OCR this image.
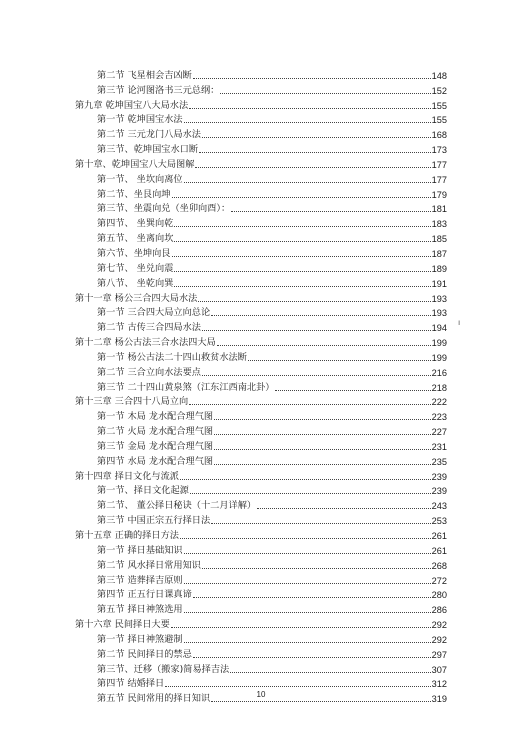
第二节 飞星相会吉凶断	148
第三节 论河图洛书三元总纲：	152
第九章 乾坤国宝八大局水法	155
第一节 乾坤国宝水法	155
第二节 三元龙门八局水法	168
第三节、乾坤国宝水口断	173
第十章、乾坤国宝八大局图解	177
第一节、 坐坎向离位	177
第二节、坐艮向坤	179
第三节、坐震向兑（坐卯向酉）：	181
第四节、 坐巽向乾	183
第五节、 坐离向坎	185
第六节、坐坤向艮	187
第七节、 坐兑向震	189
第八节、 坐乾向巽	191
第十一章 杨公三合四大局水法	193
第一节 三合四大局立向总论	193
第二节 古传三合四局水法	194
第十二章 杨公古法三合水法四大局	199
第一节 杨公古法二十四山救贫水法断	199
第二节 三合立向水法要点	216
第三节 二十四山黄泉煞（江东江西南北卦）	218
第十三章 三合四十八局立向	222
第一节 木局 龙水配合理气图	223
第二节 火局 龙水配合理气图	227
第三节 金局 龙水配合理气图	231
第四节 水局 龙水配合理气图	235
第十四章 择日文化与流派	239
第一节、择日文化起源	239
第二节、 董公择日秘诀（十二月详解）	243
第三节 中国正宗五行择日法	253
第十五章 正确的择日方法	261
第一节 择日基础知识	261
第二节 风水择日常用知识	268
第三节 造葬择吉原则	272
第四节 正五行日课真谛	280
第五节 择日神煞选用	286
第十六章 民间择日大要	292
第一节 择日神煞避制	292
第二节 民间择日的禁忌	297
第三节、迁移（搬家)简易择吉法	307
第四节 结婚择日	312
第五节 民间常用的择日知识	319
ı
10
